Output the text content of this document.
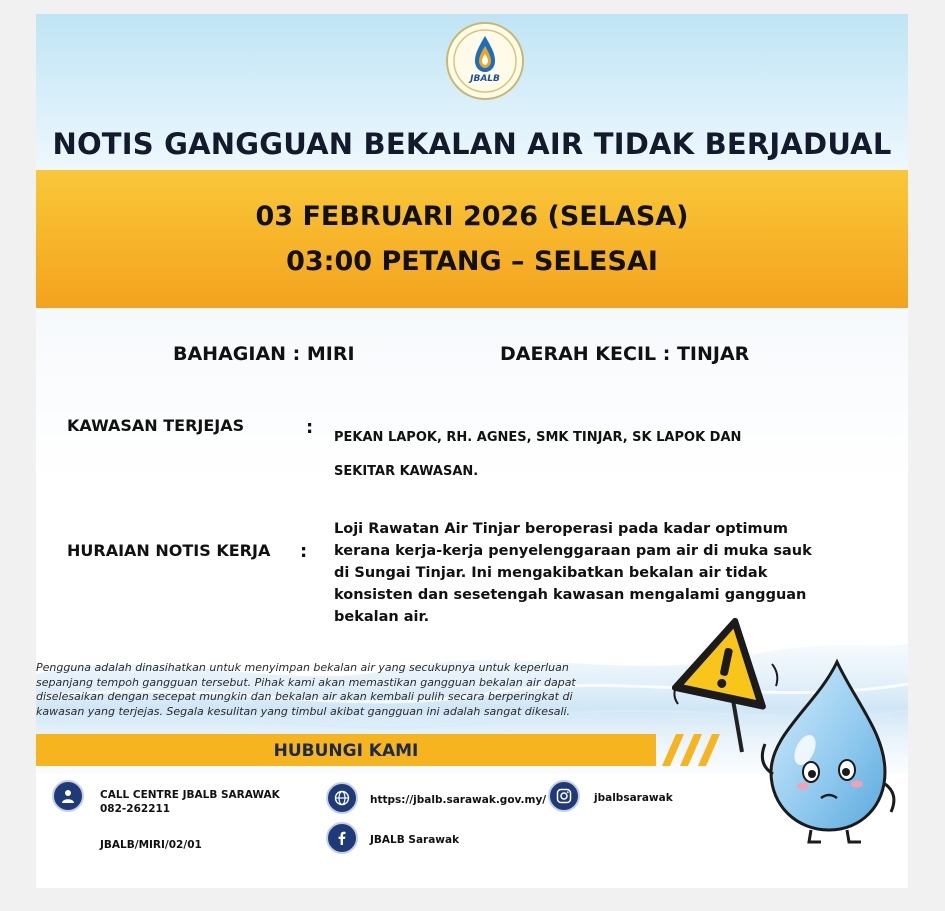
JBALB
NOTIS GANGGUAN BEKALAN AIR TIDAK BERJADUAL
03 FEBRUARI 2026 (SELASA)
03:00 PETANG – SELESAI
BAHAGIAN : MIRI	DAERAH KECIL : TINJAR
KAWASAN TERJEJAS	: PEKAN LAPOK, RH. AGNES, SMK TINJAR, SK LAPOK DAN
SEKITAR KAWASAN.
HURAIAN NOTIS KERJA :
Loji Rawatan Air Tinjar beroperasi pada kadar optimum
kerana kerja-kerja penyelenggaraan pam air di muka sauk
di Sungai Tinjar. Ini mengakibatkan bekalan air tidak
konsisten dan sesetengah kawasan mengalami gangguan
bekalan air.
Pengguna adalah dinasihatkan untuk menyimpan bekalan air yang secukupnya untuk keperluan
sepanjang tempoh gangguan tersebut. Pihak kami akan memastikan gangguan bekalan air dapat
diselesaikan dengan secepat mungkin dan bekalan air akan kembali pulih secara berperingkat di
kawasan yang terjejas. Segala kesulitan yang timbul akibat gangguan ini adalah sangat dikesali.
HUBUNGI KAMI
CALL CENTRE JBALB SARAWAK
082-262211
JBALB/MIRI/02/01
https://jbalb.sarawak.gov.my/
JBALB Sarawak
jbalbsarawak
